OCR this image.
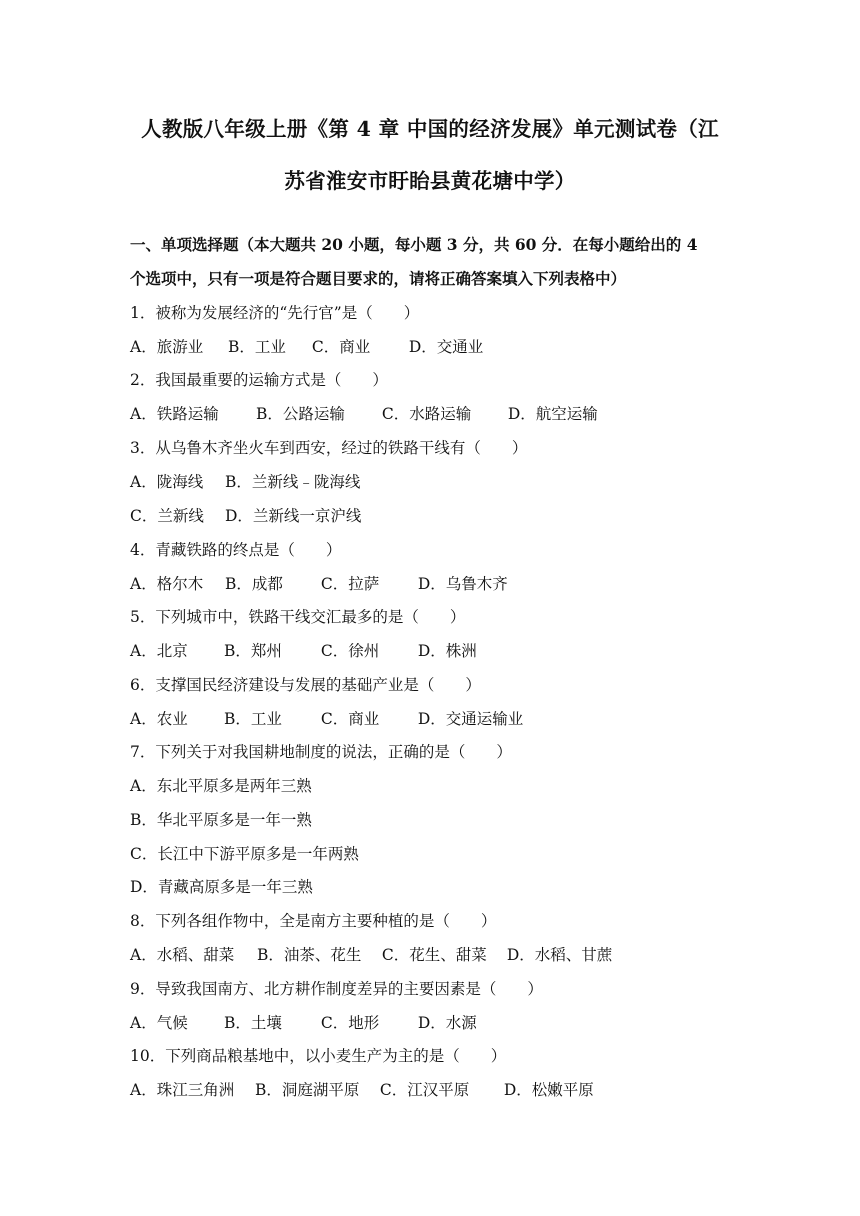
人教版八年级上册《第 4 章 中国的经济发展》单元测试卷（江
苏省淮安市盱眙县黄花塘中学）
一、单项选择题（本大题共 20 小题，每小题 3 分，共 60 分．在每小题给出的 4
个选项中，只有一项是符合题目要求的，请将正确答案填入下列表格中）
1．被称为发展经济的“先行官”是（　　）
A．旅游业 B．工业 C．商业 D．交通业
2．我国最重要的运输方式是（　　）
A．铁路运输 B．公路运输 C．水路运输 D．航空运输
3．从乌鲁木齐坐火车到西安，经过的铁路干线有（　　）
A．陇海线 B．兰新线﹣陇海线
C．兰新线 D．兰新线一京沪线
4．青藏铁路的终点是（　　）
A．格尔木 B．成都 C．拉萨 D．乌鲁木齐
5．下列城市中，铁路干线交汇最多的是（　　）
A．北京 B．郑州	C．徐州 D．株洲
6．支撑国民经济建设与发展的基础产业是（　　）
A．农业 B．工业	C．商业 D．交通运输业
7．下列关于对我国耕地制度的说法，正确的是（　　）
A．东北平原多是两年三熟
B．华北平原多是一年一熟
C．长江中下游平原多是一年两熟
D．青藏高原多是一年三熟
8．下列各组作物中，全是南方主要种植的是（　　）
A．水稻、甜菜 B．油茶、花生 C．花生、甜菜 D．水稻、甘蔗
9．导致我国南方、北方耕作制度差异的主要因素是（　　）
A．气候 B．土壤	C．地形 D．水源
10．下列商品粮基地中，以小麦生产为主的是（　　）
A．珠江三角洲 B．洞庭湖平原 C．江汉平原 D．松嫩平原
